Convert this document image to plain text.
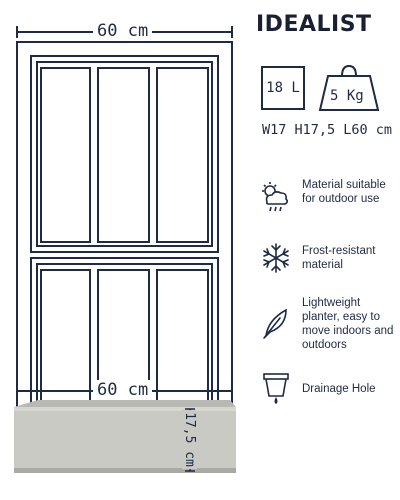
60 cm
60 cm
17,5 cm
IDEALIST
18 L 5 Kg
W17 H17,5 L60 cm
Material suitable for outdoor use
Frost-resistant material
Lightweight planter, easy to move indoors and outdoors
Drainage Hole
